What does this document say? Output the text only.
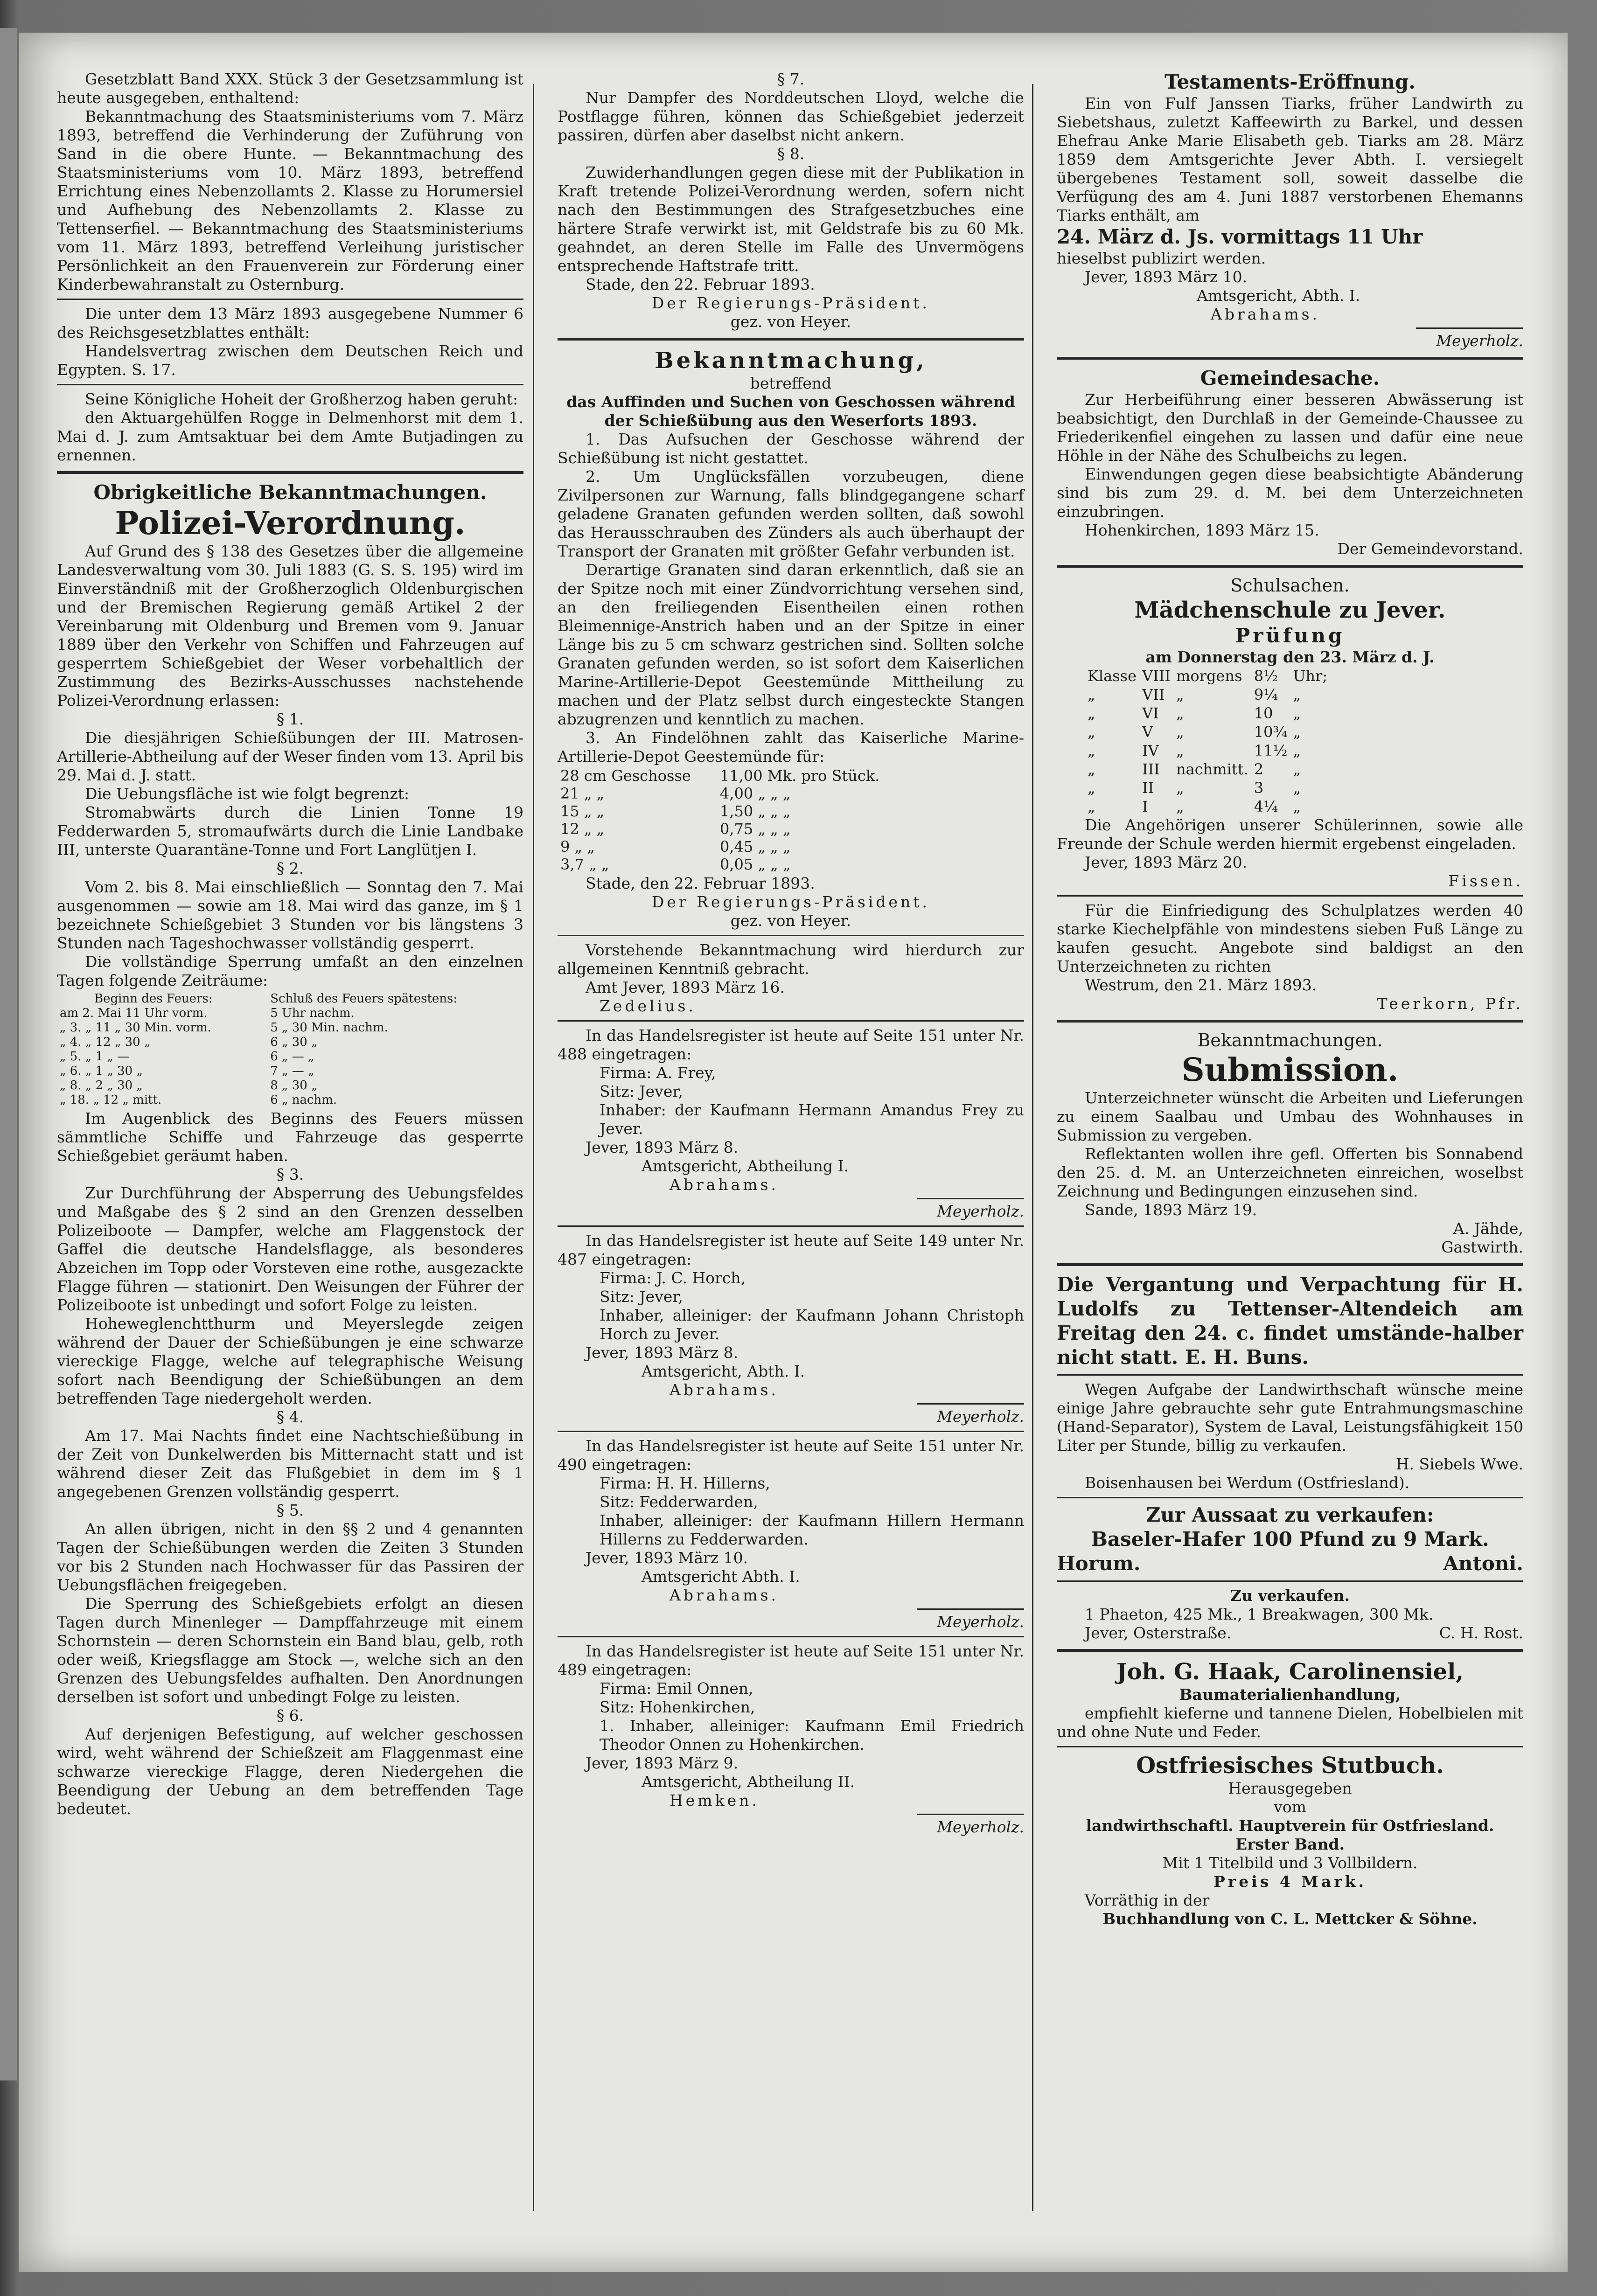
Gesetzblatt Band XXX. Stück 3 der Gesetzsammlung ist heute ausgegeben, enthaltend:

Bekanntmachung des Staatsministeriums vom 7. März 1893, betreffend die Verhinderung der Zuführung von Sand in die obere Hunte. — Bekanntmachung des Staatsministeriums vom 10. März 1893, betreffend Errichtung eines Nebenzollamts 2. Klasse zu Horumersiel und Aufhebung des Nebenzollamts 2. Klasse zu Tettenserfiel. — Bekanntmachung des Staatsministeriums vom 11. März 1893, betreffend Verleihung juristischer Persönlichkeit an den Frauenverein zur Förderung einer Kinderbewahranstalt zu Osternburg.

Die unter dem 13 März 1893 ausgegebene Nummer 6 des Reichsgesetzblattes enthält:

Handelsvertrag zwischen dem Deutschen Reich und Egypten. S. 17.

Seine Königliche Hoheit der Großherzog haben geruht:

den Aktuargehülfen Rogge in Delmenhorst mit dem 1. Mai d. J. zum Amtsaktuar bei dem Amte Butjadingen zu ernennen.

Obrigkeitliche Bekanntmachungen.

Polizei-Verordnung.

Auf Grund des § 138 des Gesetzes über die allgemeine Landesverwaltung vom 30. Juli 1883 (G. S. S. 195) wird im Einverständniß mit der Großherzoglich Oldenburgischen und der Bremischen Regierung gemäß Artikel 2 der Vereinbarung mit Oldenburg und Bremen vom 9. Januar 1889 über den Verkehr von Schiffen und Fahrzeugen auf gesperrtem Schießgebiet der Weser vorbehaltlich der Zustimmung des Bezirks-Ausschusses nachstehende Polizei-Verordnung erlassen:

§ 1.

Die diesjährigen Schießübungen der III. Matrosen-Artillerie-Abtheilung auf der Weser finden vom 13. April bis 29. Mai d. J. statt.

Die Uebungsfläche ist wie folgt begrenzt:

Stromabwärts durch die Linien Tonne 19 Fedderwarden 5, stromaufwärts durch die Linie Landbake III, unterste Quarantäne-Tonne und Fort Langlütjen I.

§ 2.

Vom 2. bis 8. Mai einschließlich — Sonntag den 7. Mai ausgenommen — sowie am 18. Mai wird das ganze, im § 1 bezeichnete Schießgebiet 3 Stunden vor bis längstens 3 Stunden nach Tageshochwasser vollständig gesperrt.

Die vollständige Sperrung umfaßt an den einzelnen Tagen folgende Zeiträume:

Beginn des Feuers:	Schluß des Feuers spätestens:
am 2. Mai 11 Uhr vorm.	5 Uhr nachm.
„ 3. „ 11 „ 30 Min. vorm.	5 „ 30 Min. nachm.
„ 4. „ 12 „ 30 „	6 „ 30 „
„ 5. „ 1 „ —	6 „ — „
„ 6. „ 1 „ 30 „	7 „ — „
„ 8. „ 2 „ 30 „	8 „ 30 „
„ 18. „ 12 „ mitt.	6 „ nachm.

Im Augenblick des Beginns des Feuers müssen sämmtliche Schiffe und Fahrzeuge das gesperrte Schießgebiet geräumt haben.

§ 3.

Zur Durchführung der Absperrung des Uebungsfeldes und Maßgabe des § 2 sind an den Grenzen desselben Polizeiboote — Dampfer, welche am Flaggenstock der Gaffel die deutsche Handelsflagge, als besonderes Abzeichen im Topp oder Vorsteven eine rothe, ausgezackte Flagge führen — stationirt. Den Weisungen der Führer der Polizeiboote ist unbedingt und sofort Folge zu leisten.

Hoheweglenchtthurm und Meyerslegde zeigen während der Dauer der Schießübungen je eine schwarze viereckige Flagge, welche auf telegraphische Weisung sofort nach Beendigung der Schießübungen an dem betreffenden Tage niedergeholt werden.

§ 4.

Am 17. Mai Nachts findet eine Nachtschießübung in der Zeit von Dunkelwerden bis Mitternacht statt und ist während dieser Zeit das Flußgebiet in dem im § 1 angegebenen Grenzen vollständig gesperrt.

§ 5.

An allen übrigen, nicht in den §§ 2 und 4 genannten Tagen der Schießübungen werden die Zeiten 3 Stunden vor bis 2 Stunden nach Hochwasser für das Passiren der Uebungsflächen freigegeben.

Die Sperrung des Schießgebiets erfolgt an diesen Tagen durch Minenleger — Dampffahrzeuge mit einem Schornstein — deren Schornstein ein Band blau, gelb, roth oder weiß, Kriegsflagge am Stock —, welche sich an den Grenzen des Uebungsfeldes aufhalten. Den Anordnungen derselben ist sofort und unbedingt Folge zu leisten.

§ 6.

Auf derjenigen Befestigung, auf welcher geschossen wird, weht während der Schießzeit am Flaggenmast eine schwarze viereckige Flagge, deren Niedergehen die Beendigung der Uebung an dem betreffenden Tage bedeutet.

§ 7.

Nur Dampfer des Norddeutschen Lloyd, welche die Postflagge führen, können das Schießgebiet jederzeit passiren, dürfen aber daselbst nicht ankern.

§ 8.

Zuwiderhandlungen gegen diese mit der Publikation in Kraft tretende Polizei-Verordnung werden, sofern nicht nach den Bestimmungen des Strafgesetzbuches eine härtere Strafe verwirkt ist, mit Geldstrafe bis zu 60 Mk. geahndet, an deren Stelle im Falle des Unvermögens entsprechende Haftstrafe tritt.

Stade, den 22. Februar 1893.

Der Regierungs-Präsident.

gez. von Heyer.

Bekanntmachung,

betreffend

das Auffinden und Suchen von Geschossen während der Schießübung aus den Weserforts 1893.

1. Das Aufsuchen der Geschosse während der Schießübung ist nicht gestattet.

2. Um Unglücksfällen vorzubeugen, diene Zivilpersonen zur Warnung, falls blindgegangene scharf geladene Granaten gefunden werden sollten, daß sowohl das Herausschrauben des Zünders als auch überhaupt der Transport der Granaten mit größter Gefahr verbunden ist.

Derartige Granaten sind daran erkenntlich, daß sie an der Spitze noch mit einer Zündvorrichtung versehen sind, an den freiliegenden Eisentheilen einen rothen Bleimennige-Anstrich haben und an der Spitze in einer Länge bis zu 5 cm schwarz gestrichen sind. Sollten solche Granaten gefunden werden, so ist sofort dem Kaiserlichen Marine-Artillerie-Depot Geestemünde Mittheilung zu machen und der Platz selbst durch eingesteckte Stangen abzugrenzen und kenntlich zu machen.

3. An Findelöhnen zahlt das Kaiserliche Marine-Artillerie-Depot Geestemünde für:

28 cm Geschosse	11,00 Mk. pro Stück.
21 „ „	4,00 „ „ „
15 „ „	1,50 „ „ „
12 „ „	0,75 „ „ „
9 „ „	0,45 „ „ „
3,7 „ „	0,05 „ „ „

Stade, den 22. Februar 1893.

Der Regierungs-Präsident.

gez. von Heyer.

Vorstehende Bekanntmachung wird hierdurch zur allgemeinen Kenntniß gebracht.

Amt Jever, 1893 März 16.

Zedelius.

In das Handelsregister ist heute auf Seite 151 unter Nr. 488 eingetragen:

Firma: A. Frey,

Sitz: Jever,

Inhaber: der Kaufmann Hermann Amandus Frey zu Jever.

Jever, 1893 März 8.

Amtsgericht, Abtheilung I.

Abrahams.

Meyerholz.

In das Handelsregister ist heute auf Seite 149 unter Nr. 487 eingetragen:

Firma: J. C. Horch,

Sitz: Jever,

Inhaber, alleiniger: der Kaufmann Johann Christoph Horch zu Jever.

Jever, 1893 März 8.

Amtsgericht, Abth. I.

Abrahams.

Meyerholz.

In das Handelsregister ist heute auf Seite 151 unter Nr. 490 eingetragen:

Firma: H. H. Hillerns,

Sitz: Fedderwarden,

Inhaber, alleiniger: der Kaufmann Hillern Hermann Hillerns zu Fedderwarden.

Jever, 1893 März 10.

Amtsgericht Abth. I.

Abrahams.

Meyerholz.

In das Handelsregister ist heute auf Seite 151 unter Nr. 489 eingetragen:

Firma: Emil Onnen,

Sitz: Hohenkirchen,

1. Inhaber, alleiniger: Kaufmann Emil Friedrich Theodor Onnen zu Hohenkirchen.

Jever, 1893 März 9.

Amtsgericht, Abtheilung II.

Hemken.

Meyerholz.

Testaments-Eröffnung.

Ein von Fulf Janssen Tiarks, früher Landwirth zu Siebetshaus, zuletzt Kaffeewirth zu Barkel, und dessen Ehefrau Anke Marie Elisabeth geb. Tiarks am 28. März 1859 dem Amtsgerichte Jever Abth. I. versiegelt übergebenes Testament soll, soweit dasselbe die Verfügung des am 4. Juni 1887 verstorbenen Ehemanns Tiarks enthält, am

24. März d. Js. vormittags 11 Uhr

hieselbst publizirt werden.

Jever, 1893 März 10.

Amtsgericht, Abth. I.

Abrahams.

Meyerholz.

Gemeindesache.

Zur Herbeiführung einer besseren Abwässerung ist beabsichtigt, den Durchlaß in der Gemeinde-Chaussee zu Friederikenfiel eingehen zu lassen und dafür eine neue Höhle in der Nähe des Schulbeichs zu legen.

Einwendungen gegen diese beabsichtigte Abänderung sind bis zum 29. d. M. bei dem Unterzeichneten einzubringen.

Hohenkirchen, 1893 März 15.

Der Gemeindevorstand.

Schulsachen.

Mädchenschule zu Jever.

Prüfung

am Donnerstag den 23. März d. J.

Klasse	VIII	morgens	8½	Uhr;
„	VII	„	9¼	„
„	VI	„	10	„
„	V	„	10¾	„
„	IV	„	11½	„
„	III	nachmitt.	2	„
„	II	„	3	„
„	I	„	4¼	„

Die Angehörigen unserer Schülerinnen, sowie alle Freunde der Schule werden hiermit ergebenst eingeladen.

Jever, 1893 März 20.

Fissen.

Für die Einfriedigung des Schulplatzes werden 40 starke Kiechelpfähle von mindestens sieben Fuß Länge zu kaufen gesucht. Angebote sind baldigst an den Unterzeichneten zu richten

Westrum, den 21. März 1893.

Teerkorn, Pfr.

Bekanntmachungen.

Submission.

Unterzeichneter wünscht die Arbeiten und Lieferungen zu einem Saalbau und Umbau des Wohnhauses in Submission zu vergeben.

Reflektanten wollen ihre gefl. Offerten bis Sonnabend den 25. d. M. an Unterzeichneten einreichen, woselbst Zeichnung und Bedingungen einzusehen sind.

Sande, 1893 März 19.

A. Jähde,

Gastwirth.

Die Vergantung und Verpachtung für H. Ludolfs zu Tettenser-Altendeich am Freitag den 24. c. findet umstände-halber nicht statt. E. H. Buns.

Wegen Aufgabe der Landwirthschaft wünsche meine einige Jahre gebrauchte sehr gute Entrahmungsmaschine (Hand-Separator), System de Laval, Leistungsfähigkeit 150 Liter per Stunde, billig zu verkaufen.

H. Siebels Wwe.

Boisenhausen bei Werdum (Ostfriesland).

Zur Aussaat zu verkaufen:

Baseler-Hafer 100 Pfund zu 9 Mark.

Horum.	Antoni.

Zu verkaufen.

1 Phaeton, 425 Mk., 1 Breakwagen, 300 Mk.

Jever, Osterstraße.	C. H. Rost.

Joh. G. Haak, Carolinensiel,

Baumaterialienhandlung,

empfiehlt kieferne und tannene Dielen, Hobelbielen mit und ohne Nute und Feder.

Ostfriesisches Stutbuch.

Herausgegeben

vom

landwirthschaftl. Hauptverein für Ostfriesland.

Erster Band.

Mit 1 Titelbild und 3 Vollbildern.

Preis 4 Mark.

Vorräthig in der

Buchhandlung von C. L. Mettcker & Söhne.
